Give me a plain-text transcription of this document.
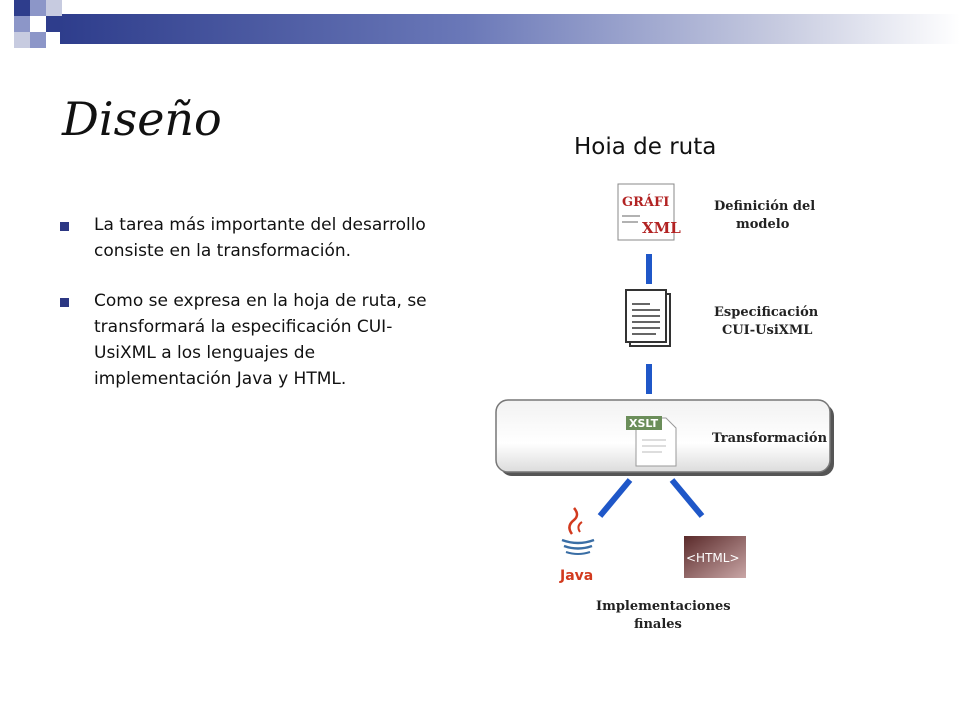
Diseño
La tarea más importante del desarrollo consiste en la transformación.
Como se expresa en la hoja de ruta, se transformará la especificación CUI-UsiXML a los lenguajes de implementación Java y HTML.
Hoia de ruta
GRÁFI
XML
XSLT
Java
<HTML>
Definición del
modelo
Especificación
CUI-UsiXML
Transformación
Implementaciones
finales
